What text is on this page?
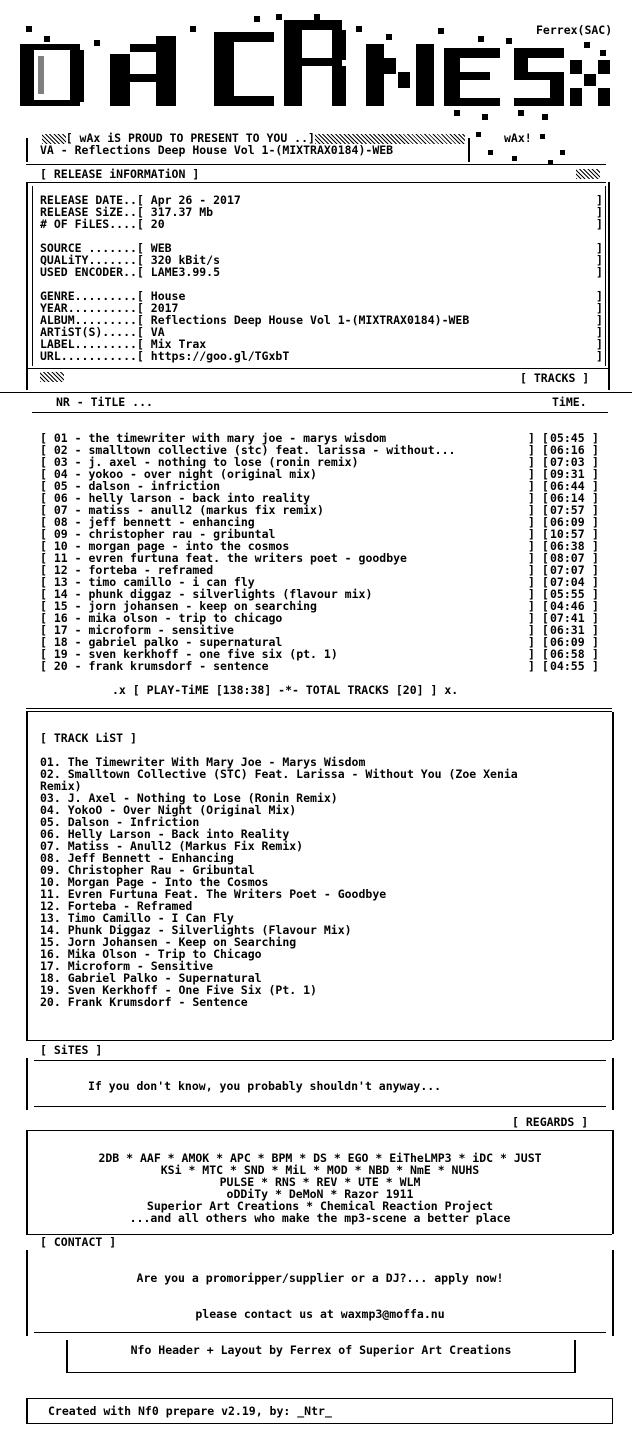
Ferrex(SAC)

[ wAx iS PROUD TO PRESENT TO YOU ..]
	wAx!
VA - Reflections Deep House Vol 1-(MIXTRAX0184)-WEB
[ RELEASE iNFORMATiON ]
RELEASE DATE..[ Apr 26 - 2017	]
RELEASE SiZE..[ 317.37 Mb	]
# OF FiLES....[ 20	]
SOURCE .......[ WEB	]
QUALiTY.......[ 320 kBit/s	]
USED ENCODER..[ LAME3.99.5	]
GENRE.........[ House	]
YEAR..........[ 2017	]
ALBUM.........[ Reflections Deep House Vol 1-(MIXTRAX0184)-WEB	]
ARTiST(S).....[ VA	]
LABEL.........[ Mix Trax	]
URL...........[ https://goo.gl/TGxbT	]
[ TRACKS ]
NR - TiTLE ...	TiME.
[ 01 - the timewriter with mary joe - marys wisdom	] [ 05:45 ]
[ 02 - smalltown collective (stc) feat. larissa - without...	] [ 06:16 ]
[ 03 - j. axel - nothing to lose (ronin remix)	] [ 07:03 ]
[ 04 - yokoo - over night (original mix)	] [ 09:31 ]
[ 05 - dalson - infriction	] [ 06:44 ]
[ 06 - helly larson - back into reality	] [ 06:14 ]
[ 07 - matiss - anull2 (markus fix remix)	] [ 07:57 ]
[ 08 - jeff bennett - enhancing	] [ 06:09 ]
[ 09 - christopher rau - gribuntal	] [ 10:57 ]
[ 10 - morgan page - into the cosmos	] [ 06:38 ]
[ 11 - evren furtuna feat. the writers poet - goodbye	] [ 08:07 ]
[ 12 - forteba - reframed	] [ 07:07 ]
[ 13 - timo camillo - i can fly	] [ 07:04 ]
[ 14 - phunk diggaz - silverlights (flavour mix)	] [ 05:55 ]
[ 15 - jorn johansen - keep on searching	] [ 04:46 ]
[ 16 - mika olson - trip to chicago	] [ 07:41 ]
[ 17 - microform - sensitive	] [ 06:31 ]
[ 18 - gabriel palko - supernatural	] [ 06:09 ]
[ 19 - sven kerkhoff - one five six (pt. 1)	] [ 06:58 ]
[ 20 - frank krumsdorf - sentence	] [ 04:55 ]
.x [ PLAY-TiME [138:38] -*- TOTAL TRACKS [20] ] x.
[ TRACK LiST ]
01. The Timewriter With Mary Joe - Marys Wisdom
02. Smalltown Collective (STC) Feat. Larissa - Without You (Zoe Xenia
Remix)
03. J. Axel - Nothing to Lose (Ronin Remix)
04. YokoO - Over Night (Original Mix)
05. Dalson - Infriction
06. Helly Larson - Back into Reality
07. Matiss - Anull2 (Markus Fix Remix)
08. Jeff Bennett - Enhancing
09. Christopher Rau - Gribuntal
10. Morgan Page - Into the Cosmos
11. Evren Furtuna Feat. The Writers Poet - Goodbye
12. Forteba - Reframed
13. Timo Camillo - I Can Fly
14. Phunk Diggaz - Silverlights (Flavour Mix)
15. Jorn Johansen - Keep on Searching
16. Mika Olson - Trip to Chicago
17. Microform - Sensitive
18. Gabriel Palko - Supernatural
19. Sven Kerkhoff - One Five Six (Pt. 1)
20. Frank Krumsdorf - Sentence
[ SiTES ]
If you don't know, you probably shouldn't anyway...
[ REGARDS ]
2DB * AAF * AMOK * APC * BPM * DS * EGO * EiTheLMP3 * iDC * JUST
KSi * MTC * SND * MiL * MOD * NBD * NmE * NUHS
PULSE * RNS * REV * UTE * WLM
oDDiTy * DeMoN * Razor 1911
Superior Art Creations * Chemical Reaction Project
...and all others who make the mp3-scene a better place
[ CONTACT ]
Are you a promoripper/supplier or a DJ?... apply now!
please contact us at waxmp3@moffa.nu
Nfo Header + Layout by Ferrex of Superior Art Creations
Created with Nf0 prepare v2.19, by: _Ntr_
